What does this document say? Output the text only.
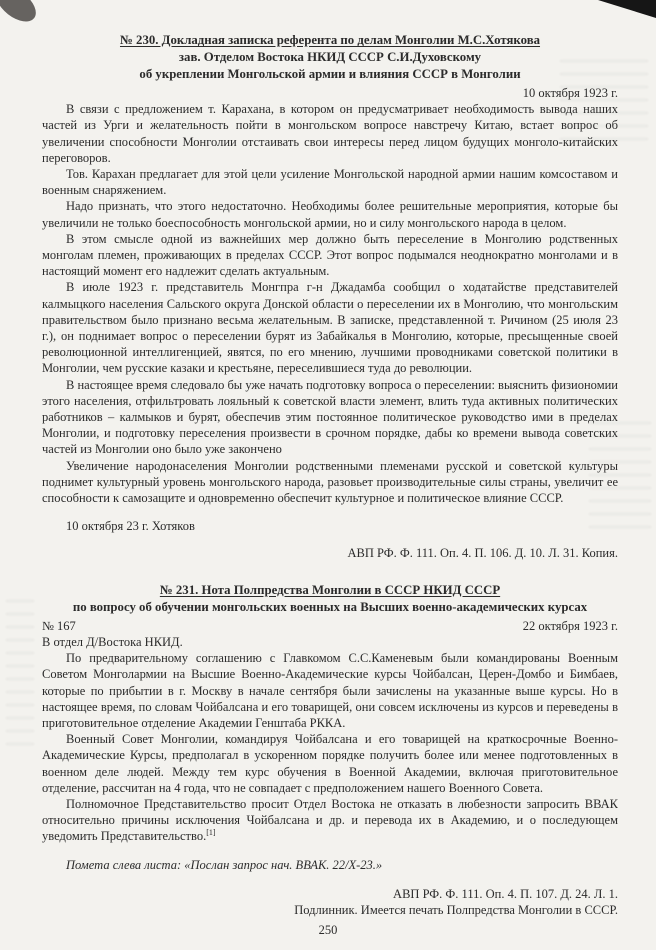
№ 230. Докладная записка референта по делам Монголии М.С.Хотякова
зав. Отделом Востока НКИД СССР С.И.Духовскому
об укреплении Монгольской армии и влияния СССР в Монголии
10 октября 1923 г.

В связи с предложением т. Карахана, в котором он предусматривает необходимость вывода наших частей из Урги и желательность пойти в монгольском вопросе навстречу Китаю, встает вопрос об увеличении способности Монголии отстаивать свои интересы перед лицом будущих монголо-китайских переговоров.

Тов. Карахан предлагает для этой цели усиление Монгольской народной армии нашим комсоставом и военным снаряжением.

Надо признать, что этого недостаточно. Необходимы более решительные мероприятия, которые бы увеличили не только боеспособность монгольской армии, но и силу монгольского народа в целом.

В этом смысле одной из важнейших мер должно быть переселение в Монголию родственных монголам племен, проживающих в пределах СССР. Этот вопрос подымался неоднократно монголами и в настоящий момент его надлежит сделать актуальным.

В июле 1923 г. представитель Монгпра г-н Джадамба сообщил о ходатайстве представителей калмыцкого населения Сальского округа Донской области о переселении их в Монголию, что монгольским правительством было признано весьма желательным. В записке, представленной т. Ричином (25 июля 23 г.), он поднимает вопрос о переселении бурят из Забайкалья в Монголию, которые, пресыщенные своей революционной интеллигенцией, явятся, по его мнению, лучшими проводниками советской политики в Монголии, чем русские казаки и крестьяне, переселившиеся туда до революции.

В настоящее время следовало бы уже начать подготовку вопроса о переселении: выяснить физиономии этого населения, отфильтровать лояльный к советской власти элемент, влить туда активных политических работников – калмыков и бурят, обеспечив этим постоянное политическое руководство ими в пределах Монголии, и подготовку переселения произвести в срочном порядке, дабы ко времени вывода советских частей из Монголии оно было уже закончено

Увеличение народонаселения Монголии родственными племенами русской и советской культуры поднимет культурный уровень монгольского народа, разовьет производительные силы страны, увеличит ее способности к самозащите и одновременно обеспечит культурное и политическое влияние СССР.

10 октября 23 г. Хотяков

АВП РФ. Ф. 111. Оп. 4. П. 106. Д. 10. Л. 31. Копия.
№ 231. Нота Полпредства Монголии в СССР НКИД СССР
по вопросу об обучении монгольских военных на Высших военно-академических курсах
№ 167	22 октября 1923 г.

В отдел Д/Востока НКИД.

По предварительному соглашению с Главкомом С.С.Каменевым были командированы Военным Советом Монголармии на Высшие Военно-Академические курсы Чойбалсан, Церен-Домбо и Бимбаев, которые по прибытии в г. Москву в начале сентября были зачислены на указанные выше курсы. Но в настоящее время, по словам Чойбалсана и его товарищей, они совсем исключены из курсов и переведены в приготовительное отделение Академии Генштаба РККА.

Военный Совет Монголии, командируя Чойбалсана и его товарищей на краткосрочные Военно-Академические Курсы, предполагал в ускоренном порядке получить более или менее подготовленных в военном деле людей. Между тем курс обучения в Военной Академии, включая приготовительное отделение, рассчитан на 4 года, что не совпадает с предположением нашего Военного Совета.

Полномочное Представительство просит Отдел Востока не отказать в любезности запросить ВВАК относительно причины исключения Чойбалсана и др. и перевода их в Академию, и о последующем уведомить Представительство.[1]

Помета слева листа: «Послан запрос нач. ВВАК. 22/Х-23.»

АВП РФ. Ф. 111. Оп. 4. П. 107. Д. 24. Л. 1.
Подлинник. Имеется печать Полпредства Монголии в СССР.
250
